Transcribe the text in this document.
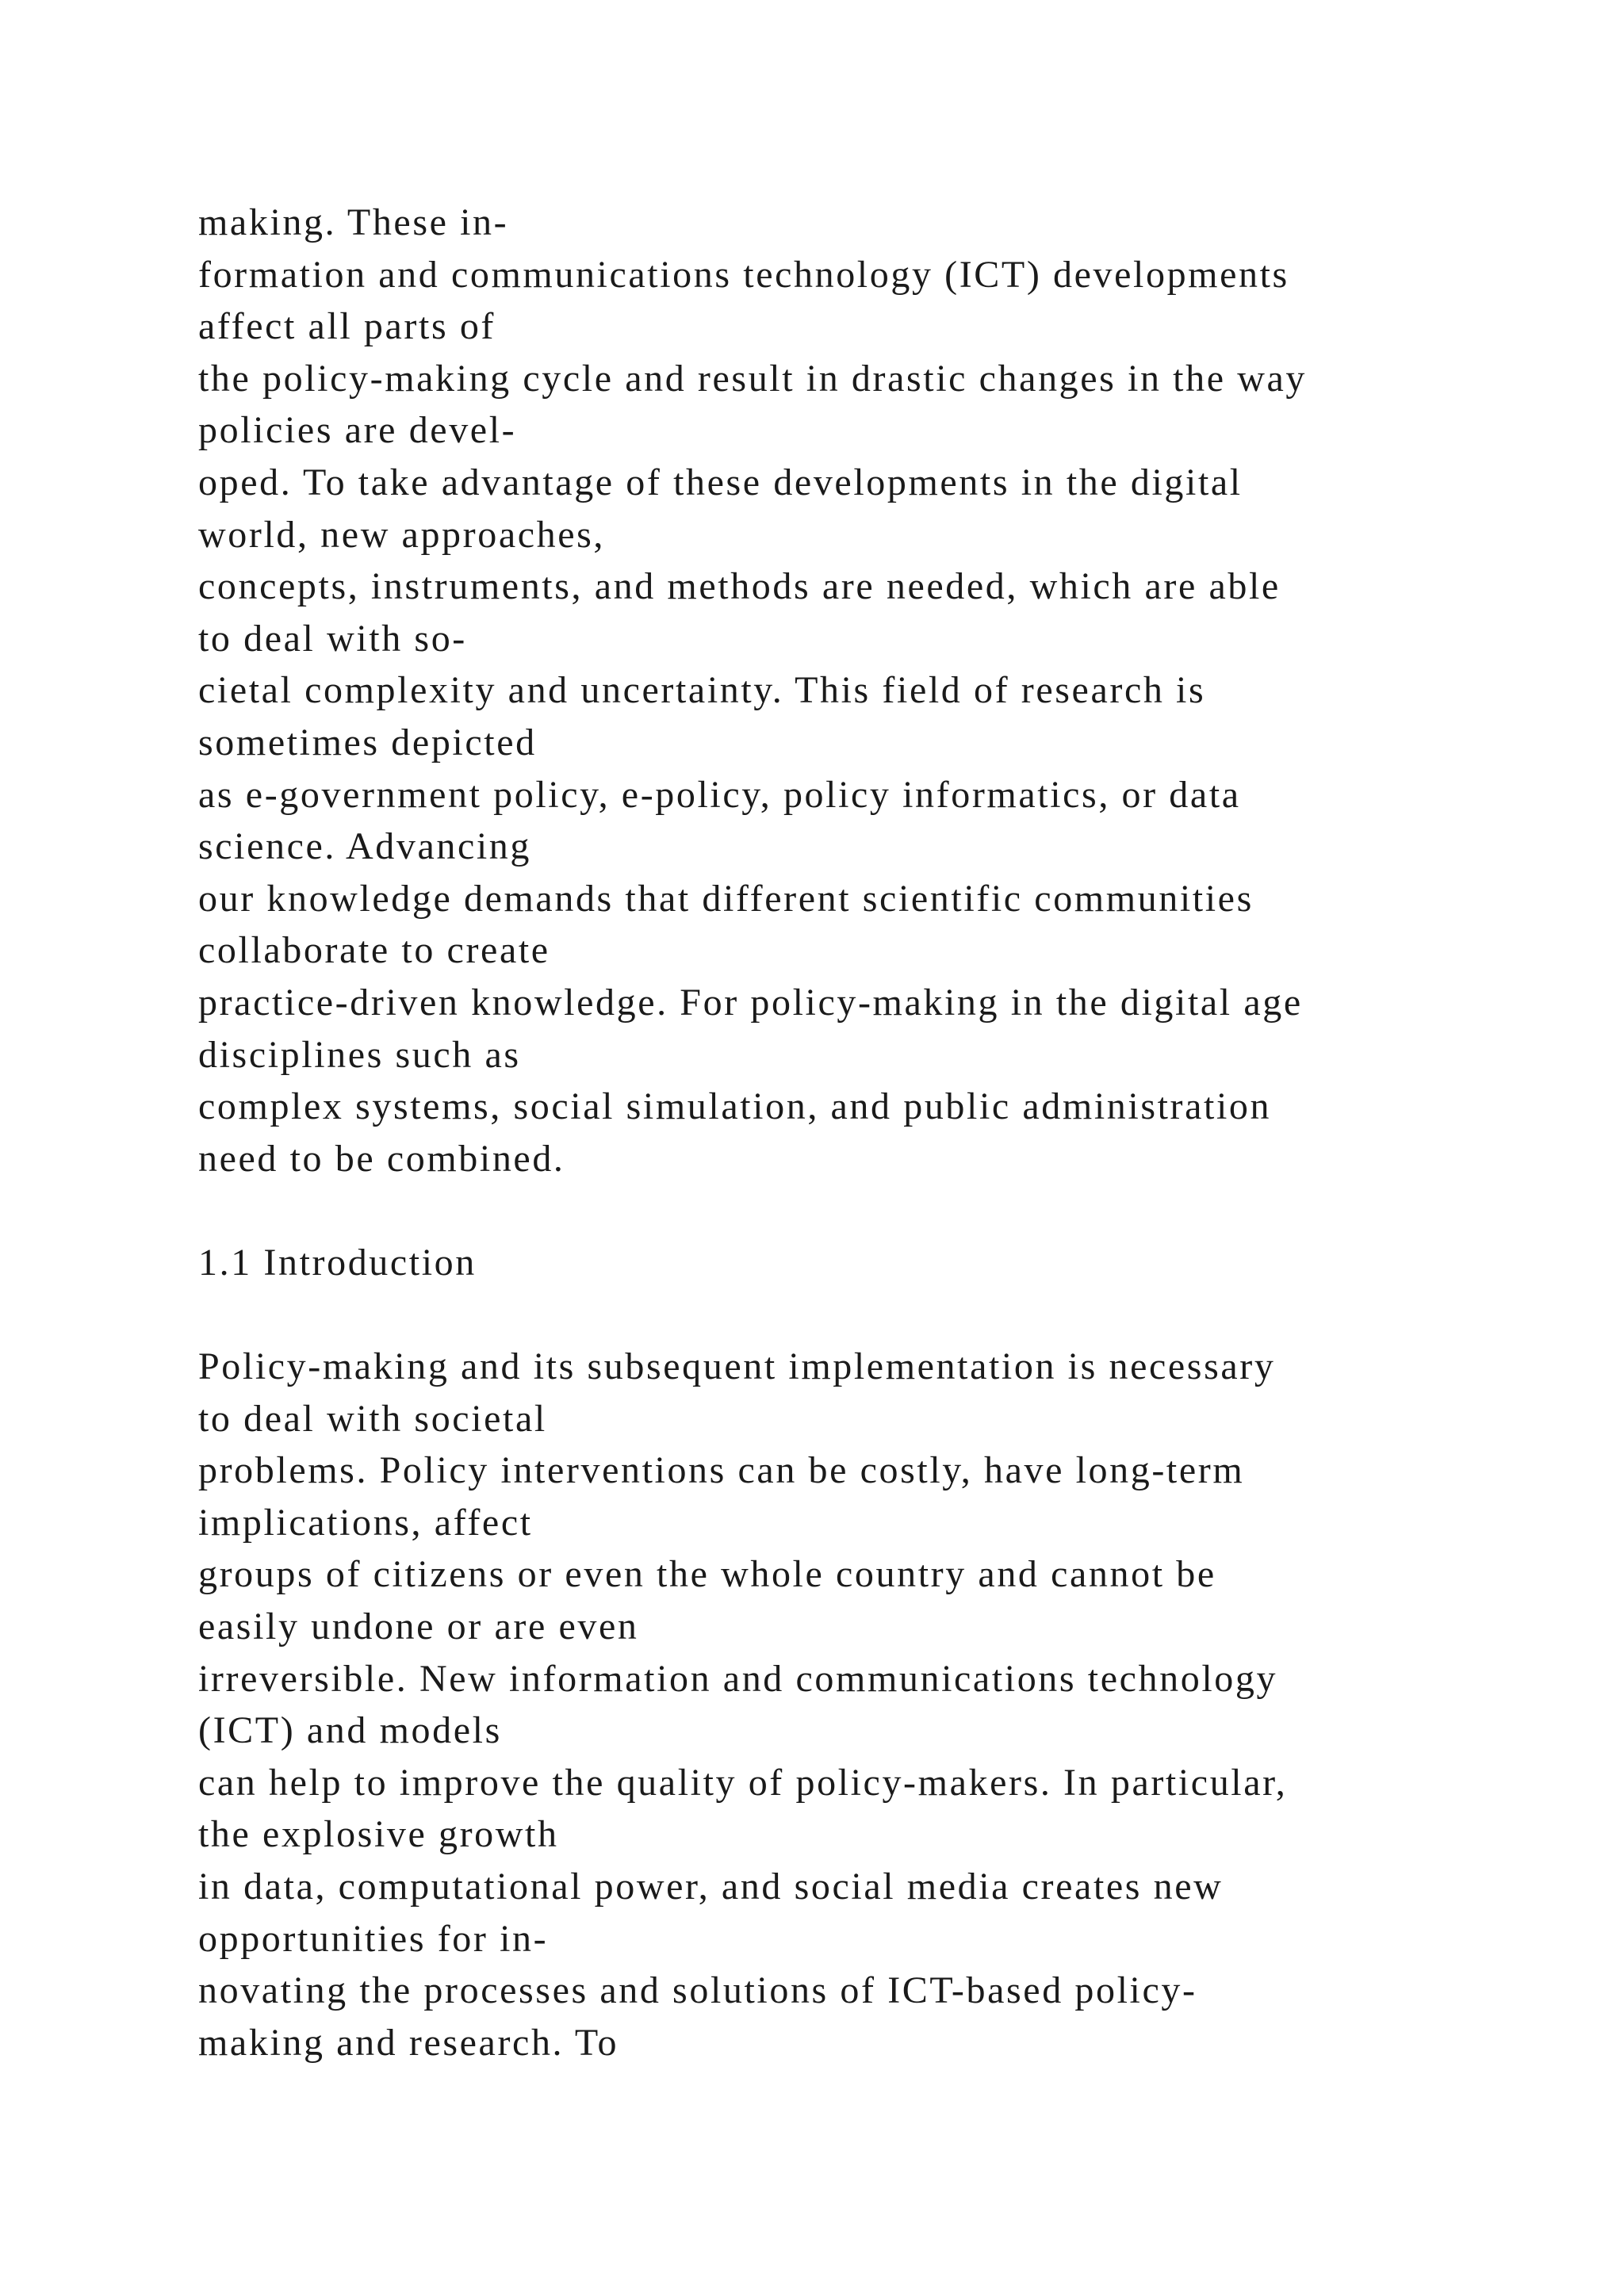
making. These in-
formation and communications technology (ICT) developments
affect all parts of
the policy-making cycle and result in drastic changes in the way
policies are devel-
oped. To take advantage of these developments in the digital
world, new approaches,
concepts, instruments, and methods are needed, which are able
to deal with so-
cietal complexity and uncertainty. This field of research is
sometimes depicted
as e-government policy, e-policy, policy informatics, or data
science. Advancing
our knowledge demands that different scientific communities
collaborate to create
practice-driven knowledge. For policy-making in the digital age
disciplines such as
complex systems, social simulation, and public administration
need to be combined.
1.1 Introduction
Policy-making and its subsequent implementation is necessary
to deal with societal
problems. Policy interventions can be costly, have long-term
implications, affect
groups of citizens or even the whole country and cannot be
easily undone or are even
irreversible. New information and communications technology
(ICT) and models
can help to improve the quality of policy-makers. In particular,
the explosive growth
in data, computational power, and social media creates new
opportunities for in-
novating the processes and solutions of ICT-based policy-
making and research. To
